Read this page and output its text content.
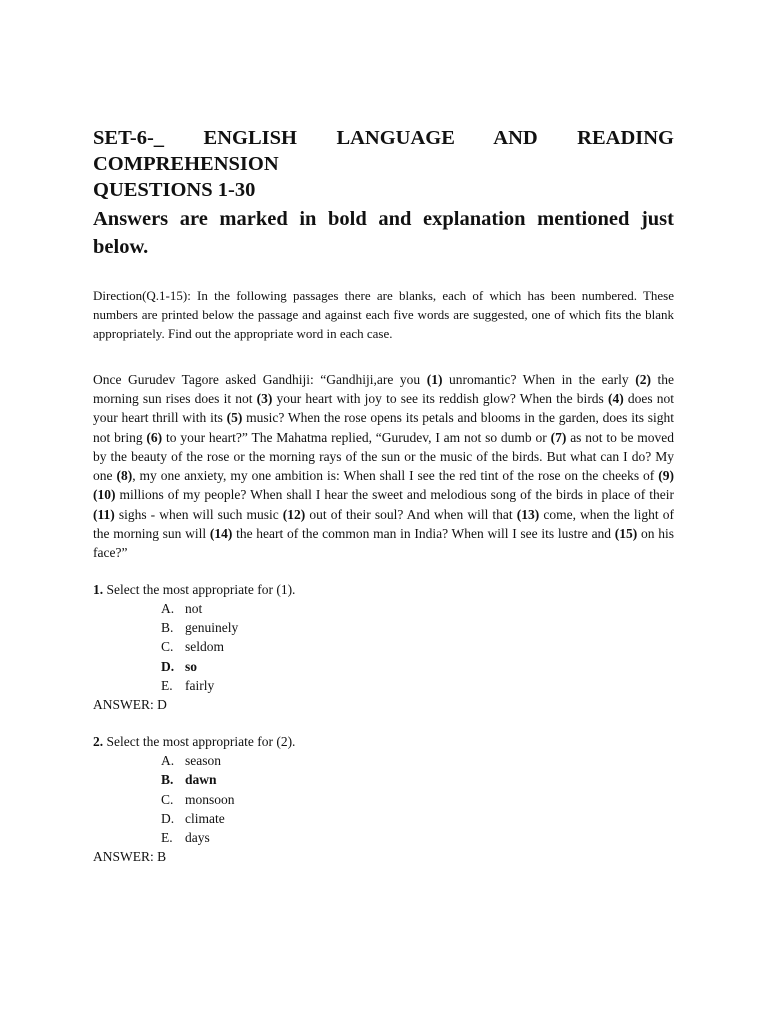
SET-6-_ ENGLISH LANGUAGE AND READING
COMPREHENSION
QUESTIONS 1-30

Answers are marked in bold and explanation mentioned just below.

Direction(Q.1-15): In the following passages there are blanks, each of which has been numbered. These numbers are printed below the passage and against each five words are suggested, one of which fits the blank appropriately. Find out the appropriate word in each case.

Once Gurudev Tagore asked Gandhiji: “Gandhiji,are you (1) unromantic? When in the early (2) the morning sun rises does it not (3) your heart with joy to see its reddish glow? When the birds (4) does not your heart thrill with its (5) music? When the rose opens its petals and blooms in the garden, does its sight not bring (6) to your heart?” The Mahatma replied, “Gurudev, I am not so dumb or (7) as not to be moved by the beauty of the rose or the morning rays of the sun or the music of the birds. But what can I do? My one (8), my one anxiety, my one ambition is: When shall I see the red tint of the rose on the cheeks of (9) (10) millions of my people? When shall I hear the sweet and melodious song of the birds in place of their (11) sighs - when will such music (12) out of their soul? And when will that (13) come, when the light of the morning sun will (14) the heart of the common man in India? When will I see its lustre and (15) on his face?”

1. Select the most appropriate for (1).
A. not
B. genuinely
C. seldom
D. so
E. fairly
ANSWER: D
2. Select the most appropriate for (2).
A. season
B. dawn
C. monsoon
D. climate
E. days
ANSWER: B
